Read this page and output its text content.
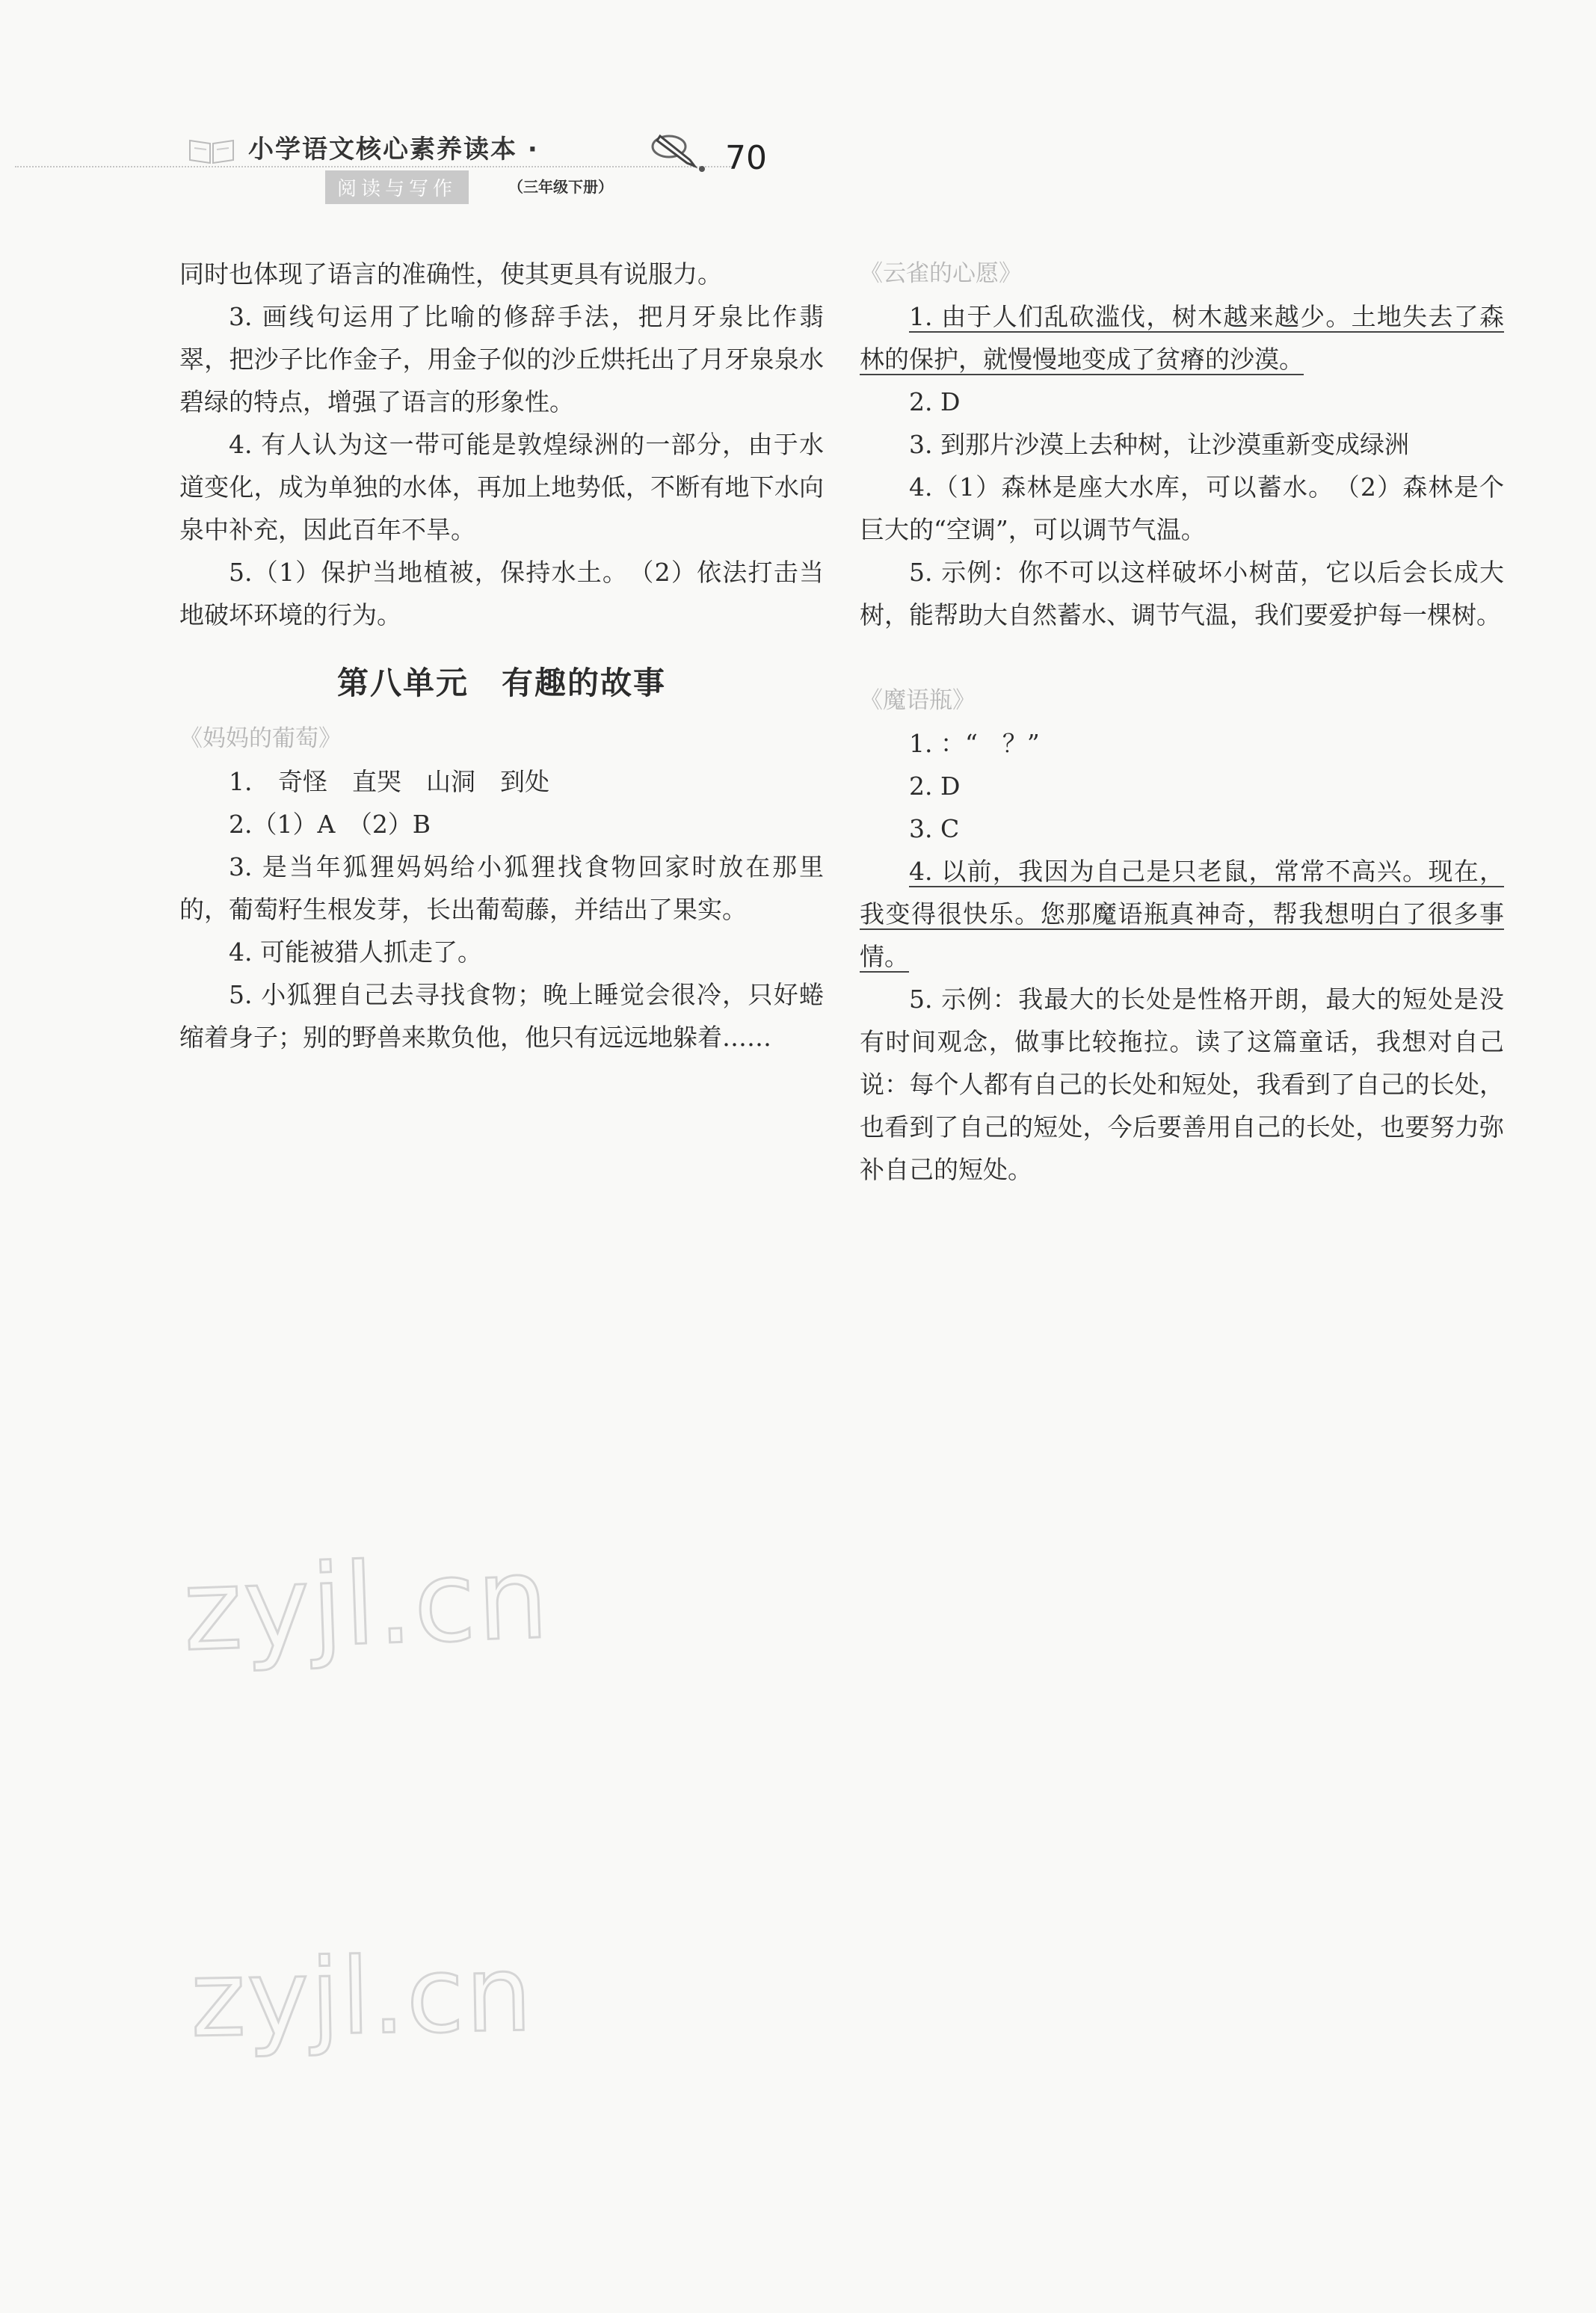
小学语文核心素养读本 ·
阅读与写作	（三年级下册）
70

同时也体现了语言的准确性，使其更具有说服力。

3. 画线句运用了比喻的修辞手法，把月牙泉比作翡翠，把沙子比作金子，用金子似的沙丘烘托出了月牙泉泉水碧绿的特点，增强了语言的形象性。

4. 有人认为这一带可能是敦煌绿洲的一部分，由于水道变化，成为单独的水体，再加上地势低，不断有地下水向泉中补充，因此百年不旱。

5.（1）保护当地植被，保持水土。　（2）依法打击当地破坏环境的行为。

第八单元　有趣的故事

《妈妈的葡萄》

1. 奇怪　直哭　山洞　到处

2.（1）A　（2）B

3. 是当年狐狸妈妈给小狐狸找食物回家时放在那里的，葡萄籽生根发芽，长出葡萄藤，并结出了果实。

4. 可能被猎人抓走了。

5. 小狐狸自己去寻找食物；晚上睡觉会很冷，只好蜷缩着身子；别的野兽来欺负他，他只有远远地躲着……

《云雀的心愿》

1. 由于人们乱砍滥伐，树木越来越少。土地失去了森林的保护，就慢慢地变成了贫瘠的沙漠。

2. D

3. 到那片沙漠上去种树，让沙漠重新变成绿洲

4.（1）森林是座大水库，可以蓄水。　（2）森林是个巨大的“空调”，可以调节气温。

5. 示例：你不可以这样破坏小树苗，它以后会长成大树，能帮助大自然蓄水、调节气温，我们要爱护每一棵树。

《魔语瓶》

1. ：“　？”

2. D

3. C

4. 以前，我因为自己是只老鼠，常常不高兴。现在，我变得很快乐。您那魔语瓶真神奇，帮我想明白了很多事情。

5. 示例：我最大的长处是性格开朗，最大的短处是没有时间观念，做事比较拖拉。读了这篇童话，我想对自己说：每个人都有自己的长处和短处，我看到了自己的长处，也看到了自己的短处，今后要善用自己的长处，也要努力弥补自己的短处。

zyjl.cn
zyjl.cn
